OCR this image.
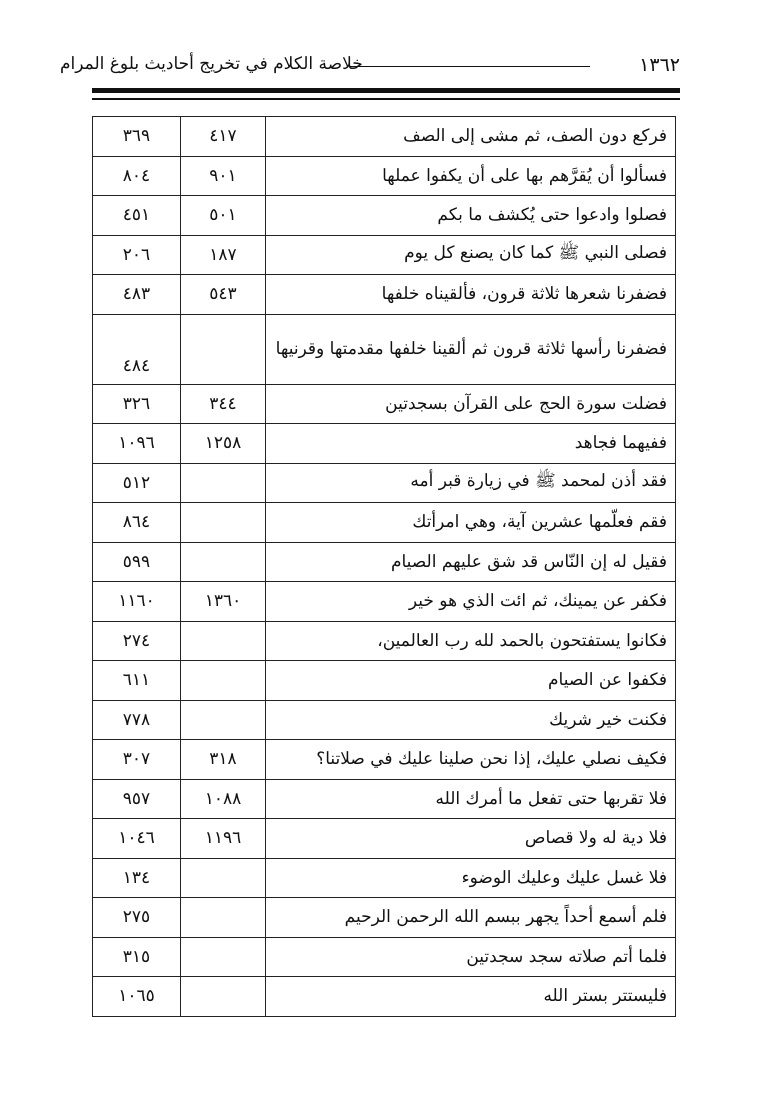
١٣٦٢
خلاصة الكلام في تخريج أحاديث بلوغ المرام
٣٦٩	٤١٧	فركع دون الصف، ثم مشى إلى الصف
٨٠٤	٩٠١	فسألوا أن يُقرَّهم بها على أن يكفوا عملها
٤٥١	٥٠١	فصلوا وادعوا حتى يُكشف ما بكم
٢٠٦	١٨٧	فصلى النبي ﷺ كما كان يصنع كل يوم
٤٨٣	٥٤٣	فضفرنا شعرها ثلاثة قرون، فألقيناه خلفها
٤٨٤		فضفرنا رأسها ثلاثة قرون ثم ألقينا خلفها مقدمتها وقرنيها
٣٢٦	٣٤٤	فضلت سورة الحج على القرآن بسجدتين
١٠٩٦	١٢٥٨	ففيهما فجاهد
٥١٢		فقد أذن لمحمد ﷺ في زيارة قبر أمه
٨٦٤		فقم فعلّمها عشرين آية، وهي امرأتك
٥٩٩		فقيل له إن النّاس قد شق عليهم الصيام
١١٦٠	١٣٦٠	فكفر عن يمينك، ثم ائت الذي هو خير
٢٧٤		فكانوا يستفتحون بالحمد لله رب العالمين،
٦١١		فكفوا عن الصيام
٧٧٨		فكنت خير شريك
٣٠٧	٣١٨	فكيف نصلي عليك، إذا نحن صلينا عليك في صلاتنا؟
٩٥٧	١٠٨٨	فلا تقربها حتى تفعل ما أمرك الله
١٠٤٦	١١٩٦	فلا دية له ولا قصاص
١٣٤		فلا غسل عليك وعليك الوضوء
٢٧٥		فلم أسمع أحداً يجهر ببسم الله الرحمن الرحيم
٣١٥		فلما أتم صلاته سجد سجدتين
١٠٦٥		فليستتر بستر الله
